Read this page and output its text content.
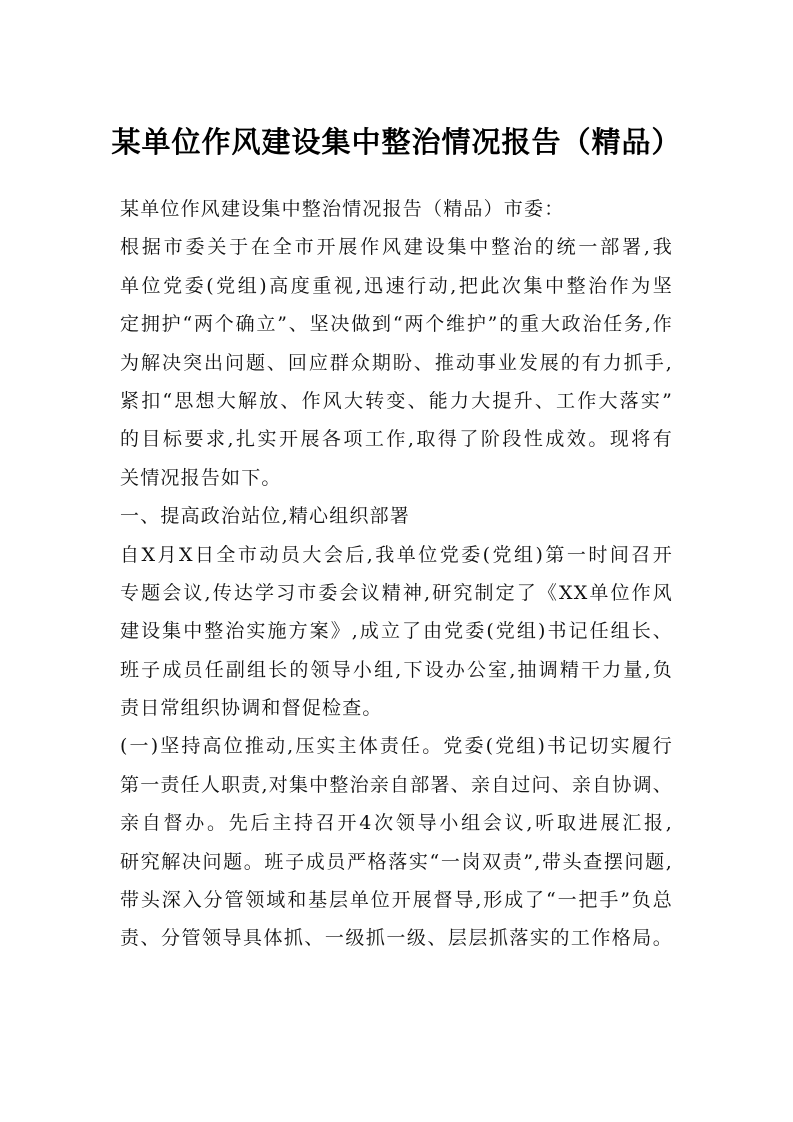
某单位作风建设集中整治情况报告（精品）
某单位作风建设集中整治情况报告（精品）市委：
根据市委关于在全市开展作风建设集中整治的统一部署,我
单位党委(党组)高度重视,迅速行动,把此次集中整治作为坚
定拥护“两个确立”、坚决做到“两个维护”的重大政治任务,作
为解决突出问题、回应群众期盼、推动事业发展的有力抓手,
紧扣“思想大解放、作风大转变、能力大提升、工作大落实”
的目标要求,扎实开展各项工作,取得了阶段性成效。现将有
关情况报告如下。
一、提高政治站位,精心组织部署
自X月X日全市动员大会后,我单位党委(党组)第一时间召开
专题会议,传达学习市委会议精神,研究制定了《XX单位作风
建设集中整治实施方案》,成立了由党委(党组)书记任组长、
班子成员任副组长的领导小组,下设办公室,抽调精干力量,负
责日常组织协调和督促检查。
(一)坚持高位推动,压实主体责任。党委(党组)书记切实履行
第一责任人职责,对集中整治亲自部署、亲自过问、亲自协调、
亲自督办。先后主持召开4次领导小组会议,听取进展汇报,
研究解决问题。班子成员严格落实“一岗双责”,带头查摆问题,
带头深入分管领域和基层单位开展督导,形成了“一把手”负总
责、分管领导具体抓、一级抓一级、层层抓落实的工作格局。
